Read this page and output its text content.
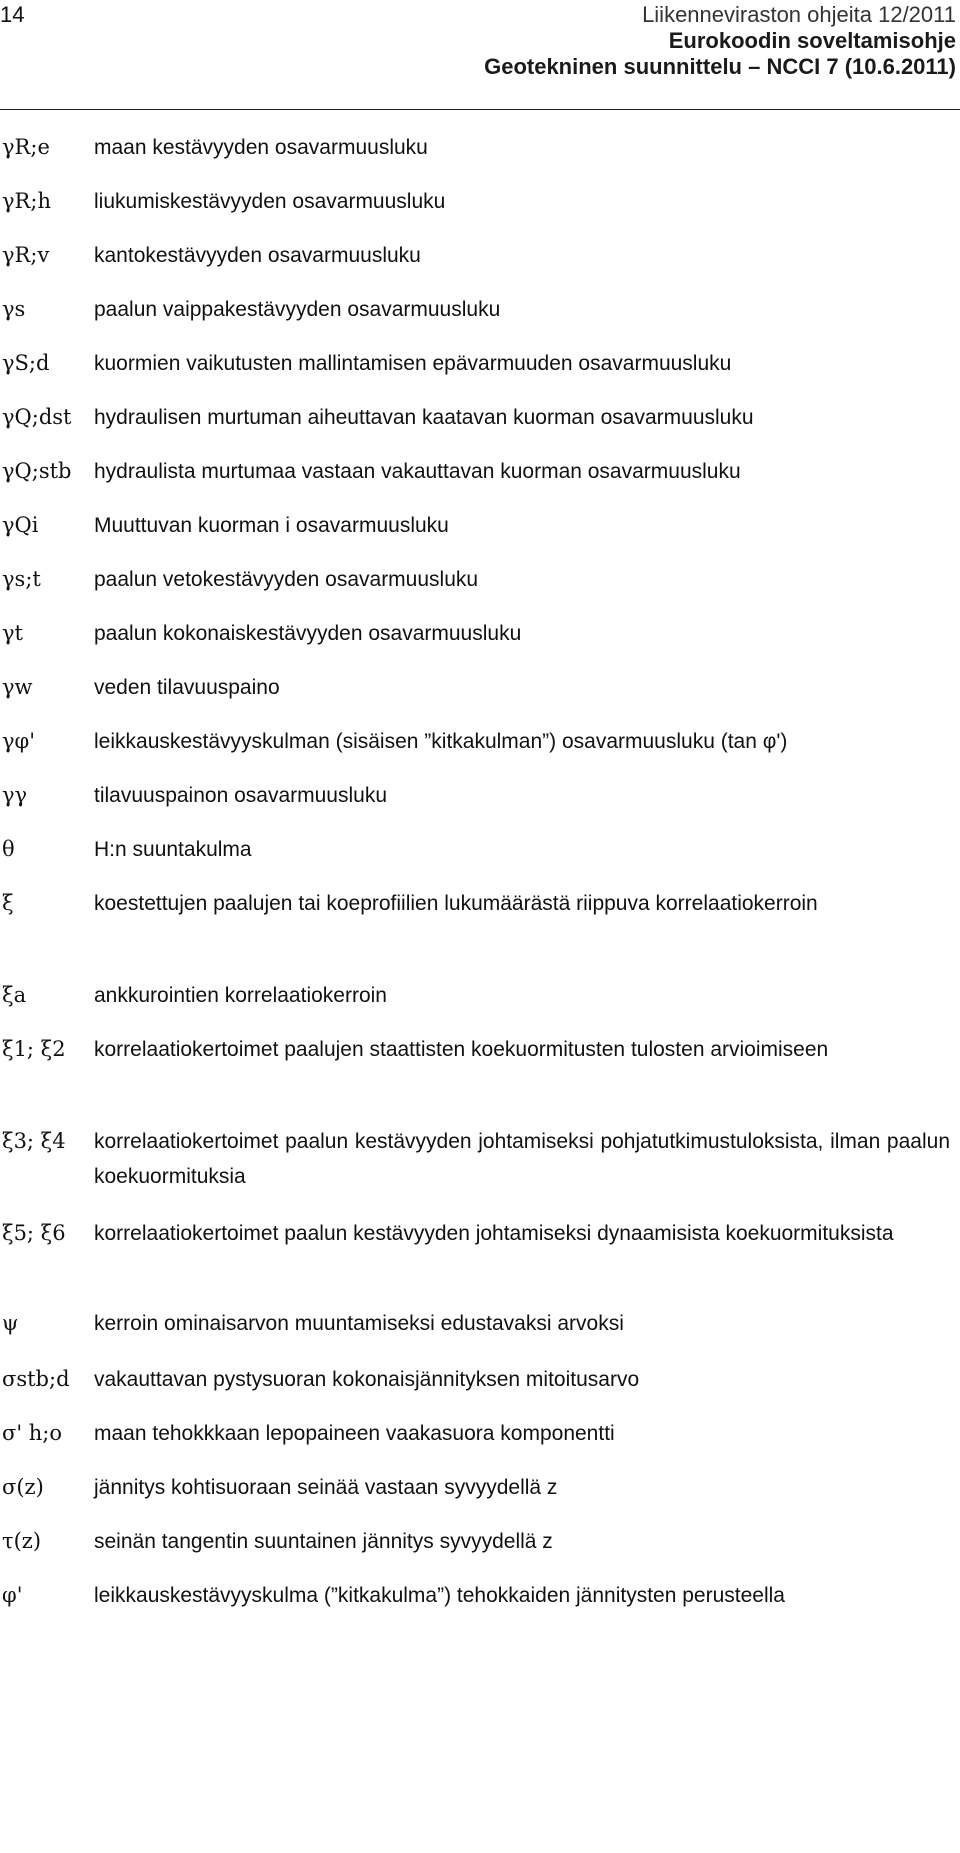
14	Liikenneviraston ohjeita 12/2011
Eurokoodin soveltamisohje
Geotekninen suunnittelu – NCCI 7 (10.6.2011)
γR;e maan kestävyyden osavarmuusluku
γR;h liukumiskestävyyden osavarmuusluku
γR;v kantokestävyyden osavarmuusluku
γs	paalun vaippakestävyyden osavarmuusluku
γS;d kuormien vaikutusten mallintamisen epävarmuuden osavarmuusluku
γQ;dst hydraulisen murtuman aiheuttavan kaatavan kuorman osavarmuusluku
γQ;stb hydraulista murtumaa vastaan vakauttavan kuorman osavarmuusluku
γQi	Muuttuvan kuorman i osavarmuusluku
γs;t	paalun vetokestävyyden osavarmuusluku
γt	paalun kokonaiskestävyyden osavarmuusluku
γw	veden tilavuuspaino
γφ'	leikkauskestävyyskulman (sisäisen ”kitkakulman”) osavarmuusluku (tan φ')
γγ	tilavuuspainon osavarmuusluku
θ	H:n suuntakulma
ξ	koestettujen paalujen tai koeprofiilien lukumäärästä riippuva korrelaatiokerroin
ξa	ankkurointien korrelaatiokerroin
ξ1; ξ2 korrelaatiokertoimet paalujen staattisten koekuormitusten tulosten arvioimiseen
ξ3; ξ4 korrelaatiokertoimet paalun kestävyyden johtamiseksi pohjatutkimustuloksista, ilman paalun koekuormituksia
ξ5; ξ6 korrelaatiokertoimet paalun kestävyyden johtamiseksi dynaamisista koekuormituksista
ψ	kerroin ominaisarvon muuntamiseksi edustavaksi arvoksi
σstb;d vakauttavan pystysuoran kokonaisjännityksen mitoitusarvo
σ' h;o maan tehokkkaan lepopaineen vaakasuora komponentti
σ(z) jännitys kohtisuoraan seinää vastaan syvyydellä z
τ(z)	seinän tangentin suuntainen jännitys syvyydellä z
φ'	leikkauskestävyyskulma (”kitkakulma”) tehokkaiden jännitysten perusteella
